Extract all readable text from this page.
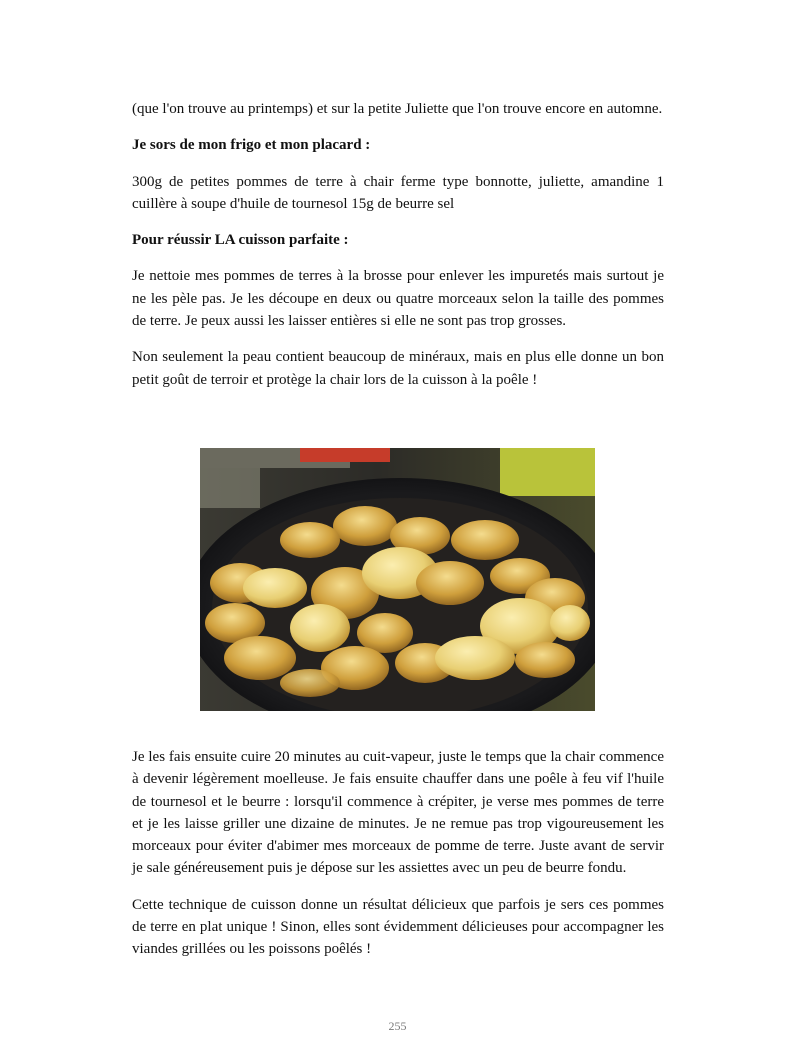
(que l'on trouve au printemps) et sur la petite Juliette que l'on trouve encore en automne.

Je sors de mon frigo et mon placard :

300g de petites pommes de terre à chair ferme type bonnotte, juliette, amandine 1 cuillère à soupe d'huile de tournesol 15g de beurre sel

Pour réussir LA cuisson parfaite :

Je nettoie mes pommes de terres à la brosse pour enlever les impuretés mais surtout je ne les pèle pas. Je les découpe en deux ou quatre morceaux selon la taille des pommes de terre. Je peux aussi les laisser entières si elle ne sont pas trop grosses.

Non seulement la peau contient beaucoup de minéraux, mais en plus elle donne un bon petit goût de terroir et protège la chair lors de la cuisson à la poêle !

Je les fais ensuite cuire 20 minutes au cuit-vapeur, juste le temps que la chair commence à devenir légèrement moelleuse. Je fais ensuite chauffer dans une poêle à feu vif l'huile de tournesol et le beurre : lorsqu'il commence à crépiter, je verse mes pommes de terre et je les laisse griller une dizaine de minutes. Je ne remue pas trop vigoureusement les morceaux pour éviter d'abimer mes morceaux de pomme de terre. Juste avant de servir je sale généreusement puis je dépose sur les assiettes avec un peu de beurre fondu.

Cette technique de cuisson donne un résultat délicieux que parfois je sers ces pommes de terre en plat unique ! Sinon, elles sont évidemment délicieuses pour accompagner les viandes grillées ou les poissons poêlés !

255
